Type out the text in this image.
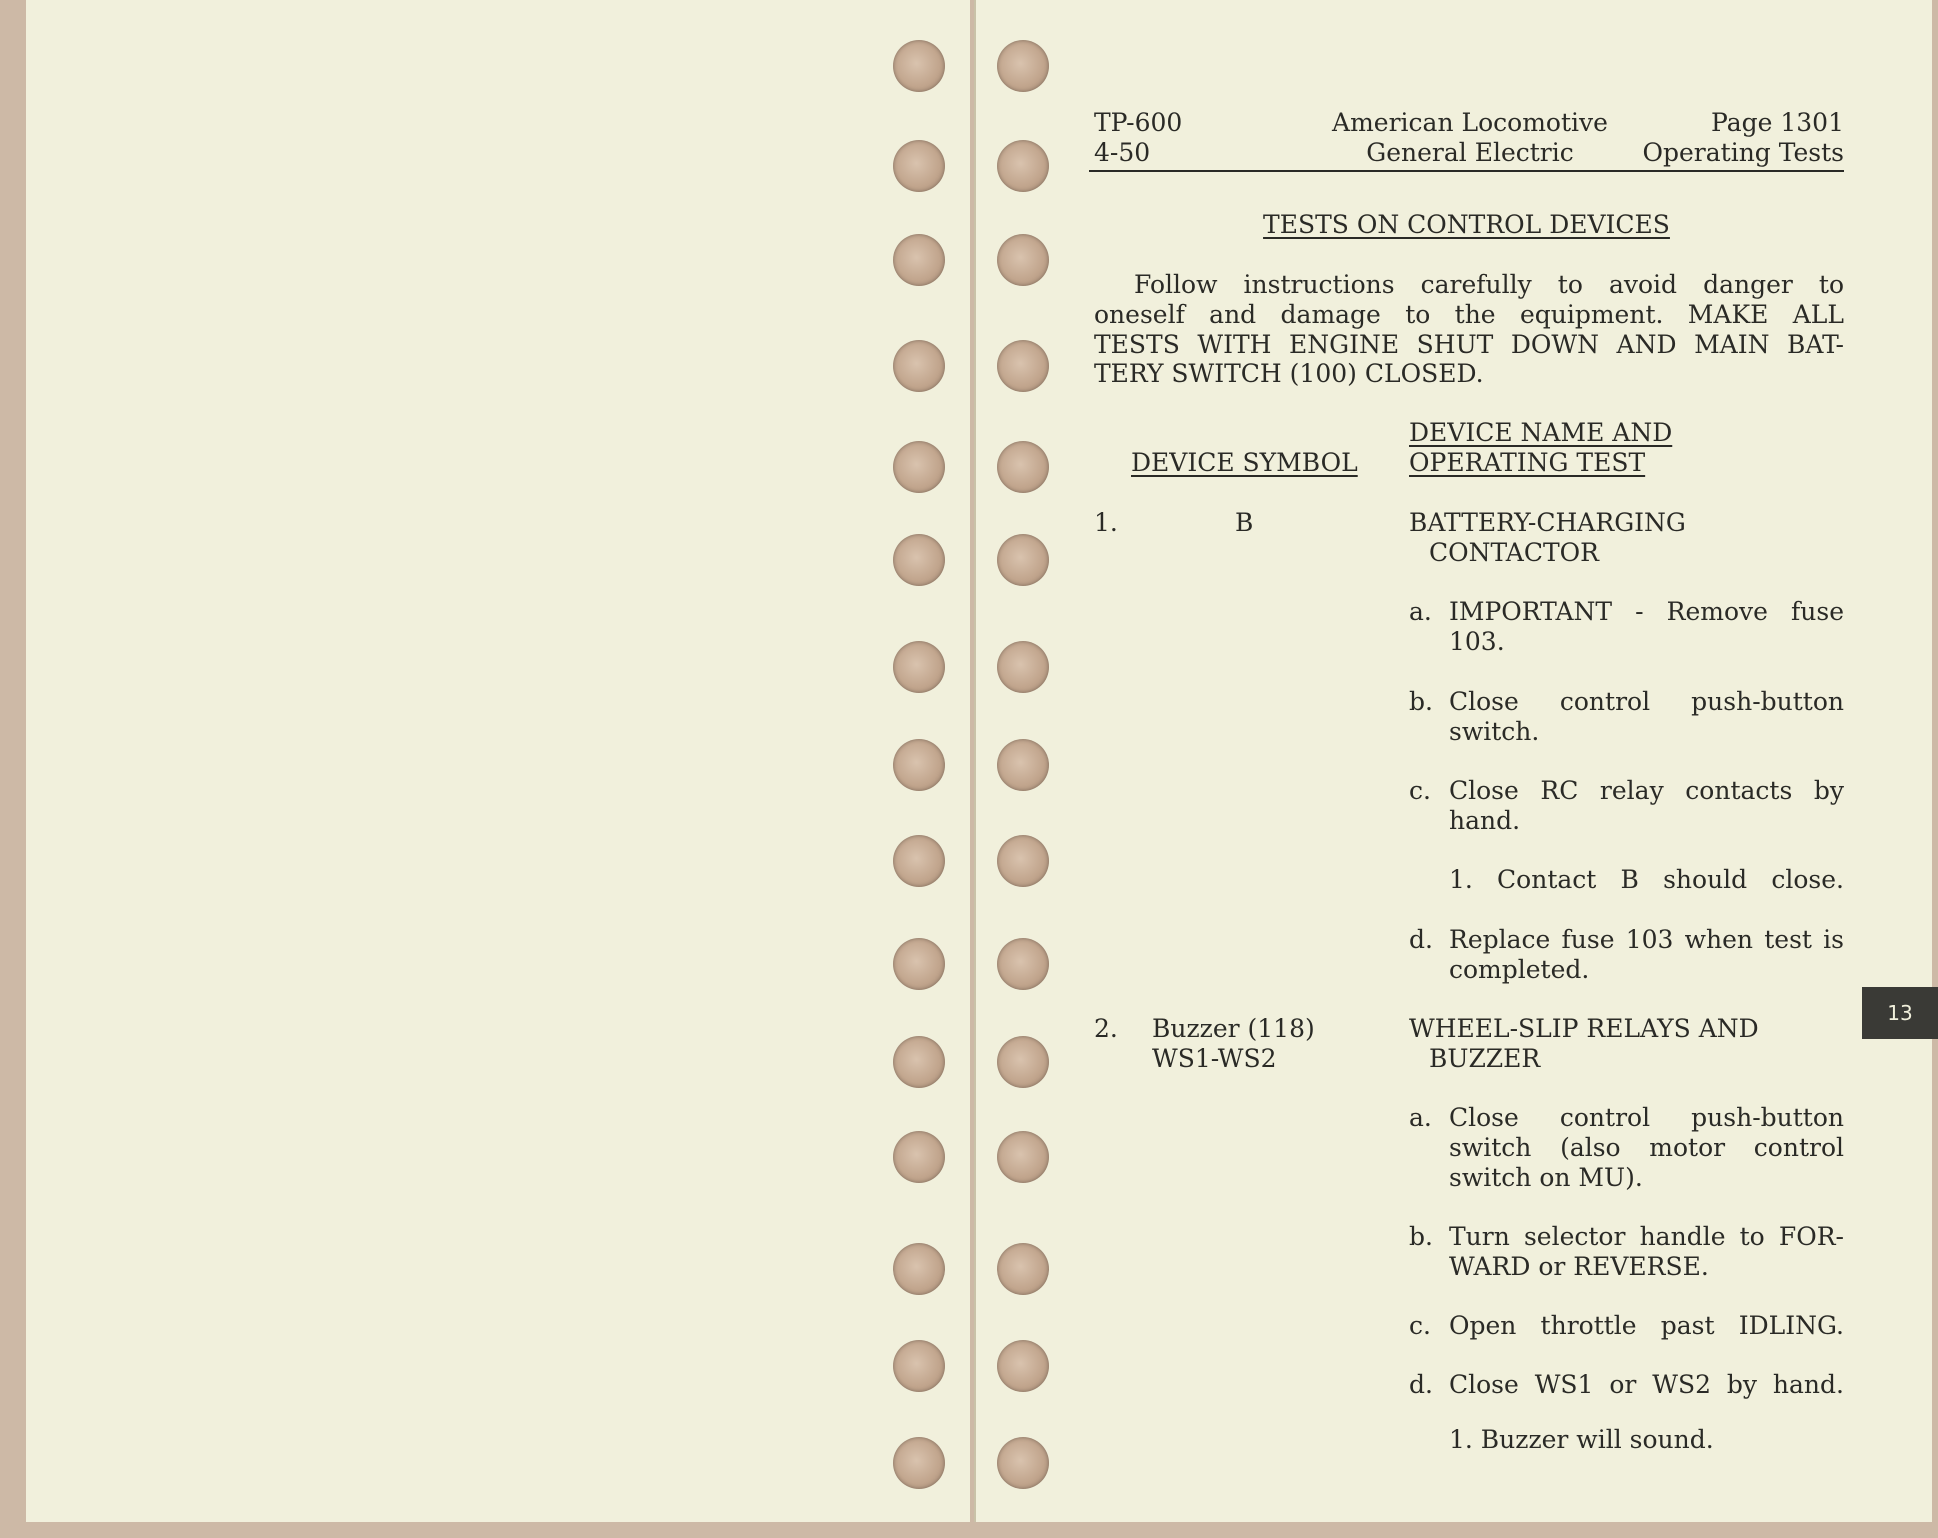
TP-600
4-50
American Locomotive
General Electric
Page 1301
Operating Tests
TESTS ON CONTROL DEVICES
Follow instructions carefully to avoid danger to
oneself and damage to the equipment. MAKE ALL
TESTS WITH ENGINE SHUT DOWN AND MAIN BAT-
TERY SWITCH (100) CLOSED.
DEVICE SYMBOL
DEVICE NAME AND
OPERATING TEST
1.	B	BATTERY-CHARGING
CONTACTOR
a. IMPORTANT - Remove fuse
103.
b. Close control push-button
switch.
c. Close RC relay contacts by
hand.
1. Contact B should close.
d. Replace fuse 103 when test is
completed.
2. Buzzer (118)
WS1-WS2
WHEEL-SLIP RELAYS AND
BUZZER
a. Close control push-button
switch (also motor control
switch on MU).
b. Turn selector handle to FOR-
WARD or REVERSE.
c. Open throttle past IDLING.
d. Close WS1 or WS2 by hand.
1. Buzzer will sound.
13
